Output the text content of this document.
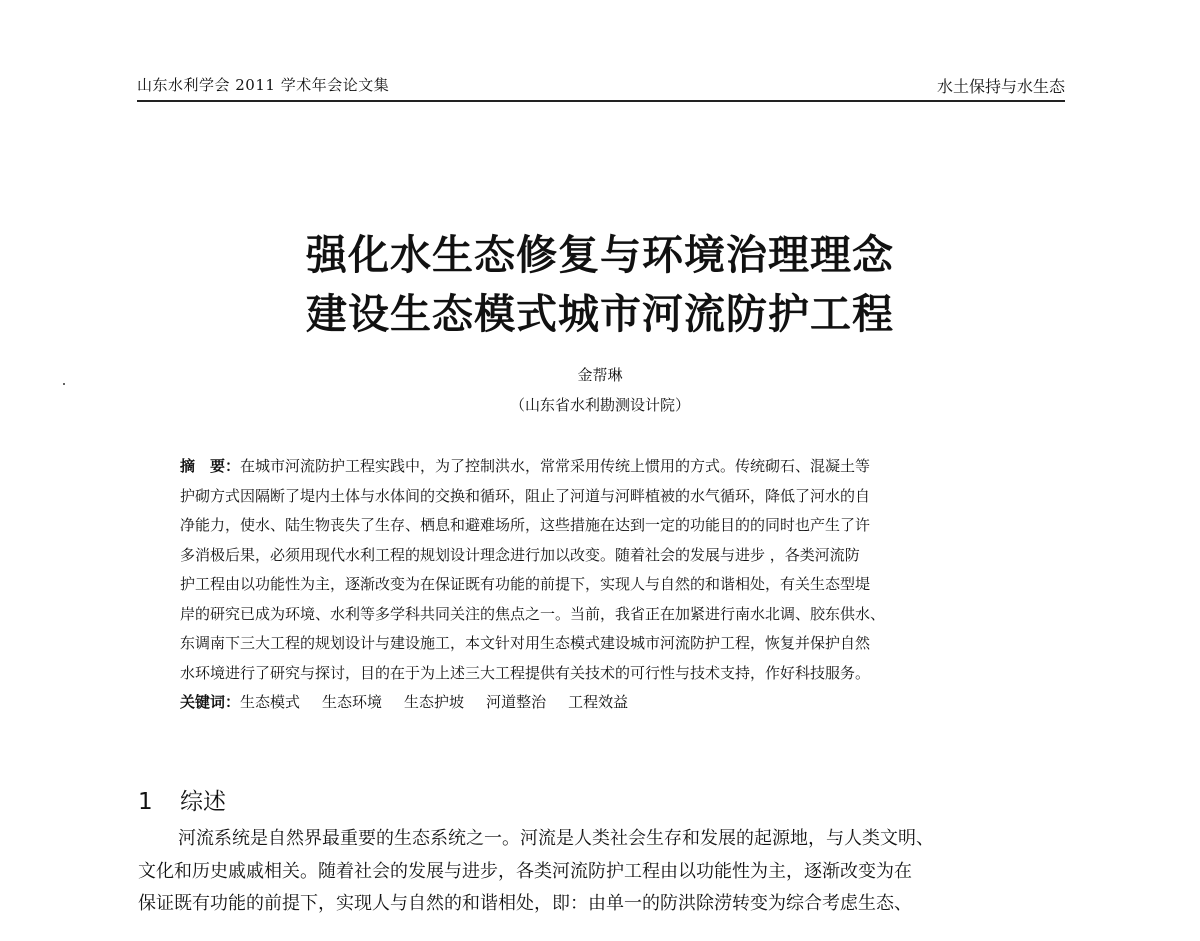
山东水利学会 2011 学术年会论文集	水土保持与水生态
强化水生态修复与环境治理理念
建设生态模式城市河流防护工程
金帮琳
（山东省水利勘测设计院）
摘　要：在城市河流防护工程实践中，为了控制洪水，常常采用传统上惯用的方式。传统砌石、混凝土等
护砌方式因隔断了堤内土体与水体间的交换和循环，阻止了河道与河畔植被的水气循环，降低了河水的自
净能力，使水、陆生物丧失了生存、栖息和避难场所，这些措施在达到一定的功能目的的同时也产生了许
多消极后果，必须用现代水利工程的规划设计理念进行加以改变。随着社会的发展与进步 ，各类河流防
护工程由以功能性为主，逐渐改变为在保证既有功能的前提下，实现人与自然的和谐相处，有关生态型堤
岸的研究已成为环境、水利等多学科共同关注的焦点之一。当前，我省正在加紧进行南水北调、胶东供水、
东调南下三大工程的规划设计与建设施工，本文针对用生态模式建设城市河流防护工程，恢复并保护自然
水环境进行了研究与探讨，目的在于为上述三大工程提供有关技术的可行性与技术支持，作好科技服务。
关键词：生态模式 生态环境 生态护坡 河道整治 工程效益
1 综述
河流系统是自然界最重要的生态系统之一。河流是人类社会生存和发展的起源地，与人类文明、
文化和历史戚戚相关。随着社会的发展与进步，各类河流防护工程由以功能性为主，逐渐改变为在
保证既有功能的前提下，实现人与自然的和谐相处，即：由单一的防洪除涝转变为综合考虑生态、
